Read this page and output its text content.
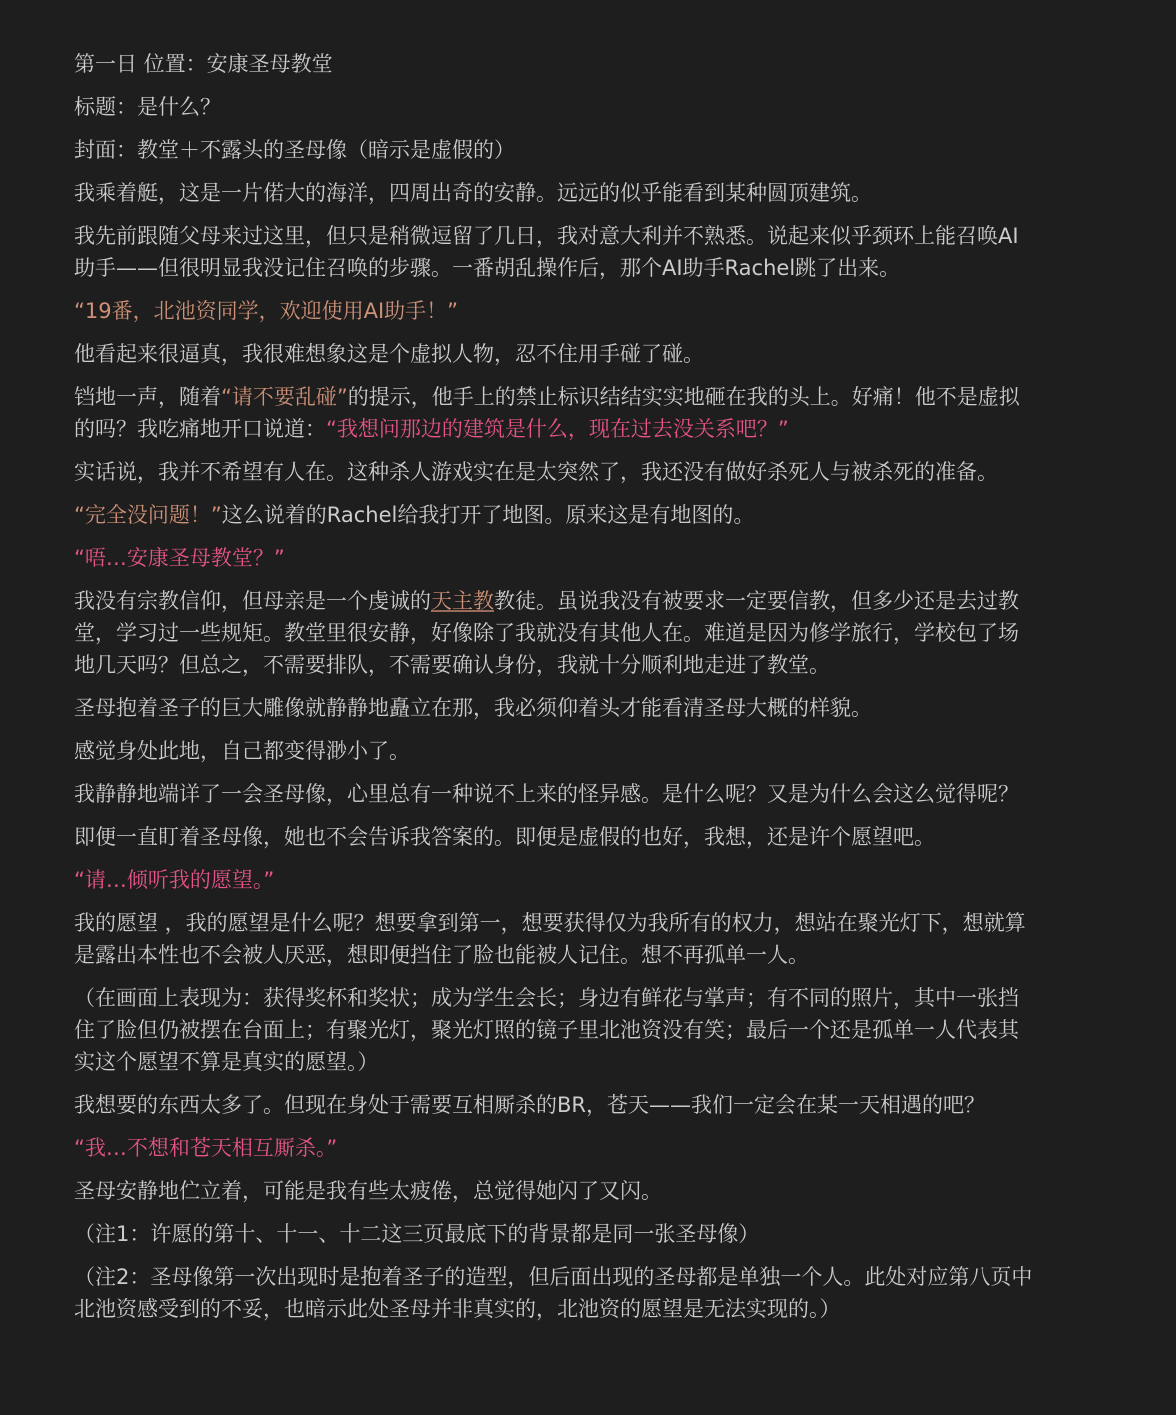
第一日 位置：安康圣母教堂
标题：是什么？
封面：教堂＋不露头的圣母像（暗示是虚假的）
我乘着艇，这是一片偌大的海洋，四周出奇的安静。远远的似乎能看到某种圆顶建筑。
我先前跟随父母来过这里，但只是稍微逗留了几日，我对意大利并不熟悉。说起来似乎颈环上能召唤AI助手——但很明显我没记住召唤的步骤。一番胡乱操作后，那个AI助手Rachel跳了出来。
“19番，北池资同学，欢迎使用AI助手！”
他看起来很逼真，我很难想象这是个虚拟人物，忍不住用手碰了碰。
铛地一声，随着“请不要乱碰”的提示，他手上的禁止标识结结实实地砸在我的头上。好痛！他不是虚拟的吗？我吃痛地开口说道：“我想问那边的建筑是什么，现在过去没关系吧？”
实话说，我并不希望有人在。这种杀人游戏实在是太突然了，我还没有做好杀死人与被杀死的准备。
“完全没问题！”这么说着的Rachel给我打开了地图。原来这是有地图的。
“唔…安康圣母教堂？”
我没有宗教信仰，但母亲是一个虔诚的天主教教徒。虽说我没有被要求一定要信教，但多少还是去过教堂，学习过一些规矩。教堂里很安静，好像除了我就没有其他人在。难道是因为修学旅行，学校包了场地几天吗？但总之，不需要排队，不需要确认身份，我就十分顺利地走进了教堂。
圣母抱着圣子的巨大雕像就静静地矗立在那，我必须仰着头才能看清圣母大概的样貌。
感觉身处此地，自己都变得渺小了。
我静静地端详了一会圣母像，心里总有一种说不上来的怪异感。是什么呢？又是为什么会这么觉得呢？
即便一直盯着圣母像，她也不会告诉我答案的。即便是虚假的也好，我想，还是许个愿望吧。
“请…倾听我的愿望。”
我的愿望 ，我的愿望是什么呢？想要拿到第一，想要获得仅为我所有的权力，想站在聚光灯下，想就算是露出本性也不会被人厌恶，想即便挡住了脸也能被人记住。想不再孤单一人。
（在画面上表现为：获得奖杯和奖状；成为学生会长；身边有鲜花与掌声；有不同的照片，其中一张挡住了脸但仍被摆在台面上；有聚光灯，聚光灯照的镜子里北池资没有笑；最后一个还是孤单一人代表其实这个愿望不算是真实的愿望。）
我想要的东西太多了。但现在身处于需要互相厮杀的BR，苍天——我们一定会在某一天相遇的吧？
“我…不想和苍天相互厮杀。”
圣母安静地伫立着，可能是我有些太疲倦，总觉得她闪了又闪。
（注1：许愿的第十、十一、十二这三页最底下的背景都是同一张圣母像）
（注2：圣母像第一次出现时是抱着圣子的造型，但后面出现的圣母都是单独一个人。此处对应第八页中北池资感受到的不妥，也暗示此处圣母并非真实的，北池资的愿望是无法实现的。）
